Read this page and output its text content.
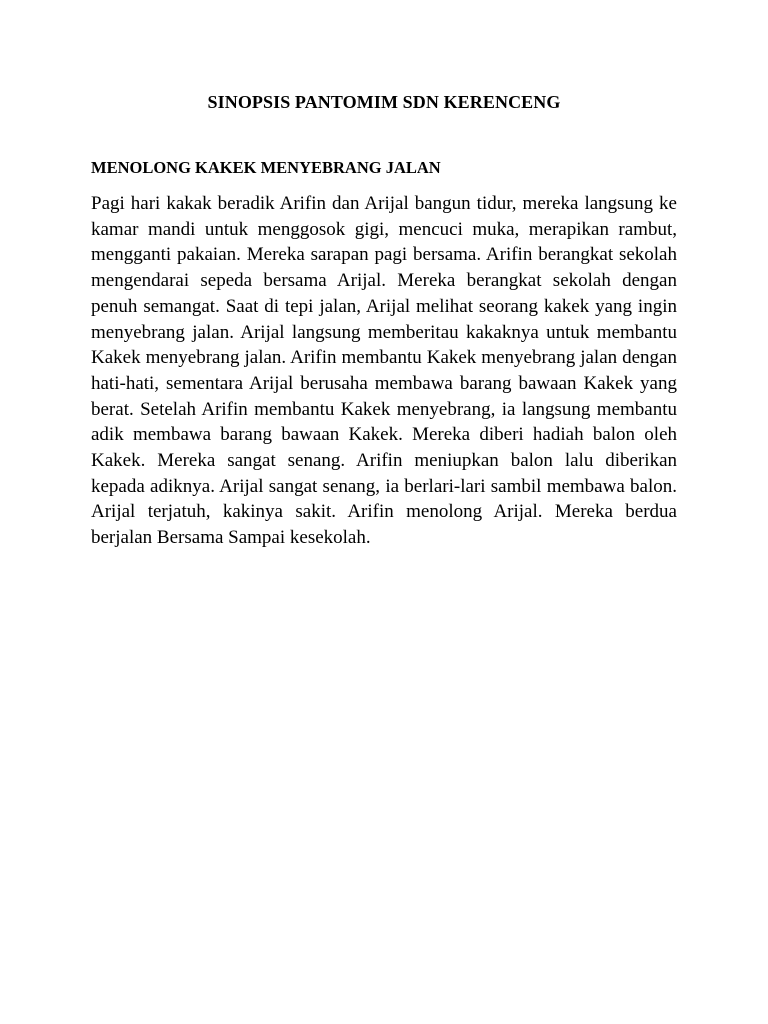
SINOPSIS PANTOMIM SDN KERENCENG
MENOLONG KAKEK MENYEBRANG JALAN

Pagi hari kakak beradik Arifin dan Arijal bangun tidur, mereka langsung ke kamar mandi untuk menggosok gigi, mencuci muka, merapikan rambut, mengganti pakaian. Mereka sarapan pagi bersama. Arifin berangkat sekolah mengendarai sepeda bersama Arijal. Mereka berangkat sekolah dengan penuh semangat. Saat di tepi jalan, Arijal melihat seorang kakek yang ingin menyebrang jalan. Arijal langsung memberitau kakaknya untuk membantu Kakek menyebrang jalan. Arifin membantu Kakek menyebrang jalan dengan hati-hati, sementara Arijal berusaha membawa barang bawaan Kakek yang berat. Setelah Arifin membantu Kakek menyebrang, ia langsung membantu adik membawa barang bawaan Kakek. Mereka diberi hadiah balon oleh Kakek. Mereka sangat senang. Arifin meniupkan balon lalu diberikan kepada adiknya. Arijal sangat senang, ia berlari-lari sambil membawa balon. Arijal terjatuh, kakinya sakit. Arifin menolong Arijal. Mereka berdua berjalan Bersama Sampai kesekolah.
